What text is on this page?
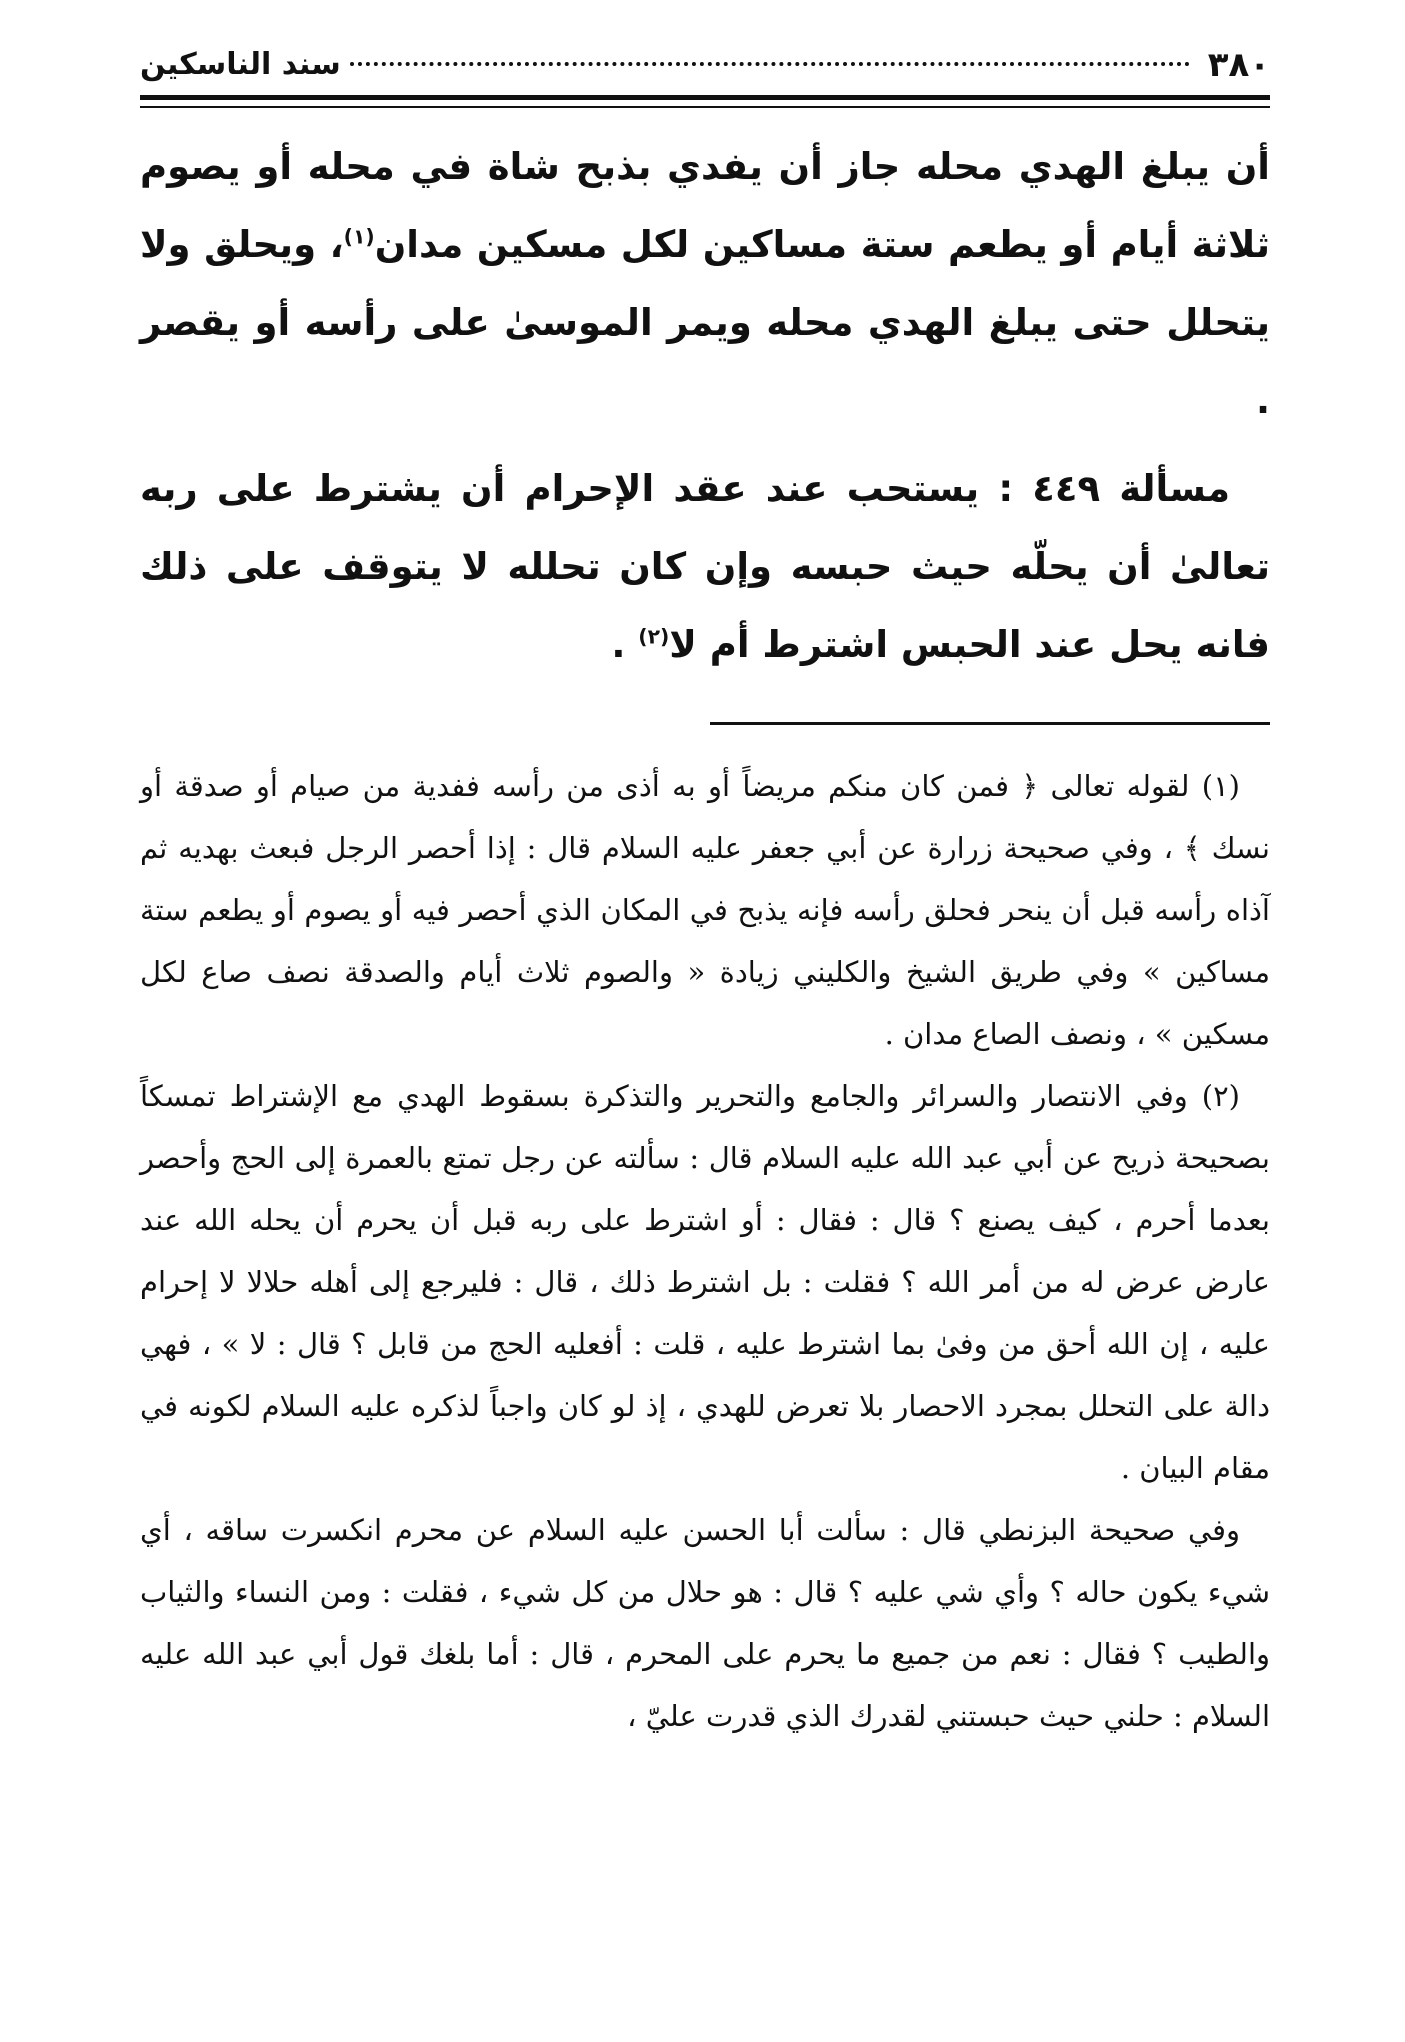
٣٨٠
سند الناسكين

أن يبلغ الهدي محله جاز أن يفدي بذبح شاة في محله أو يصوم ثلاثة أيام أو يطعم ستة مساكين لكل مسكين مدان$^{(١)}$، ويحلق ولا يتحلل حتى يبلغ الهدي محله ويمر الموسىٰ على رأسه أو يقصر .

مسألة ٤٤٩ : يستحب عند عقد الإحرام أن يشترط على ربه تعالىٰ أن يحلّه حيث حبسه وإن كان تحلله لا يتوقف على ذلك فانه يحل عند الحبس اشترط أم لا$^{(٢)}$ .

(١) لقوله تعالى ﴿ فمن كان منكم مريضاً أو به أذى من رأسه ففدية من صيام أو صدقة أو نسك ﴾ ، وفي صحيحة زرارة عن أبي جعفر عليه السلام قال : إذا أحصر الرجل فبعث بهديه ثم آذاه رأسه قبل أن ينحر فحلق رأسه فإنه يذبح في المكان الذي أحصر فيه أو يصوم أو يطعم ستة مساكين » وفي طريق الشيخ والكليني زيادة « والصوم ثلاث أيام والصدقة نصف صاع لكل مسكين » ، ونصف الصاع مدان .

(٢) وفي الانتصار والسرائر والجامع والتحرير والتذكرة بسقوط الهدي مع الإشتراط تمسكاً بصحيحة ذريح عن أبي عبد الله عليه السلام قال : سألته عن رجل تمتع بالعمرة إلى الحج وأحصر بعدما أحرم ، كيف يصنع ؟ قال : فقال : أو اشترط على ربه قبل أن يحرم أن يحله الله عند عارض عرض له من أمر الله ؟ فقلت : بل اشترط ذلك ، قال : فليرجع إلى أهله حلالا لا إحرام عليه ، إن الله أحق من وفىٰ بما اشترط عليه ، قلت : أفعليه الحج من قابل ؟ قال : لا » ، فهي دالة على التحلل بمجرد الاحصار بلا تعرض للهدي ، إذ لو كان واجباً لذكره عليه السلام لكونه في مقام البيان .

وفي صحيحة البزنطي قال : سألت أبا الحسن عليه السلام عن محرم انكسرت ساقه ، أي شيء يكون حاله ؟ وأي شي عليه ؟ قال : هو حلال من كل شيء ، فقلت : ومن النساء والثياب والطيب ؟ فقال : نعم من جميع ما يحرم على المحرم ، قال : أما بلغك قول أبي عبد الله عليه السلام : حلني حيث حبستني لقدرك الذي قدرت عليّ ،
